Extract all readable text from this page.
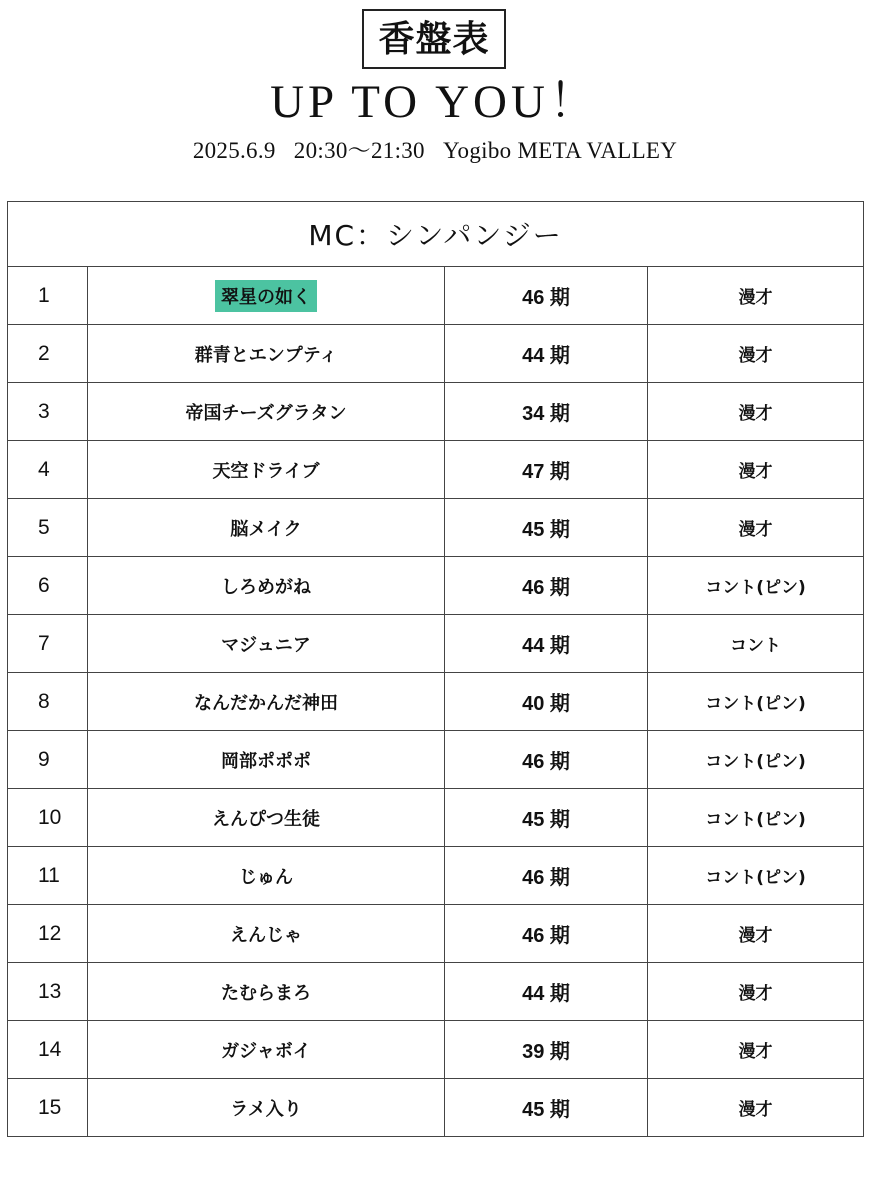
香盤表
UP TO YOU！
2025.6.9 20:30〜21:30 Yogibo META VALLEY
MC：シンパンジー			
1	翠星の如く	46 期	漫才
2	群青とエンプティ	44 期	漫才
3	帝国チーズグラタン	34 期	漫才
4	天空ドライブ	47 期	漫才
5	脳メイク	45 期	漫才
6	しろめがね	46 期	コント(ピン)
7	マジュニア	44 期	コント
8	なんだかんだ神田	40 期	コント(ピン)
9	岡部ポポポ	46 期	コント(ピン)
10	えんぴつ生徒	45 期	コント(ピン)
11	じゅん	46 期	コント(ピン)
12	えんじゃ	46 期	漫才
13	たむらまろ	44 期	漫才
14	ガジャボイ	39 期	漫才
15	ラメ入り	45 期	漫才
